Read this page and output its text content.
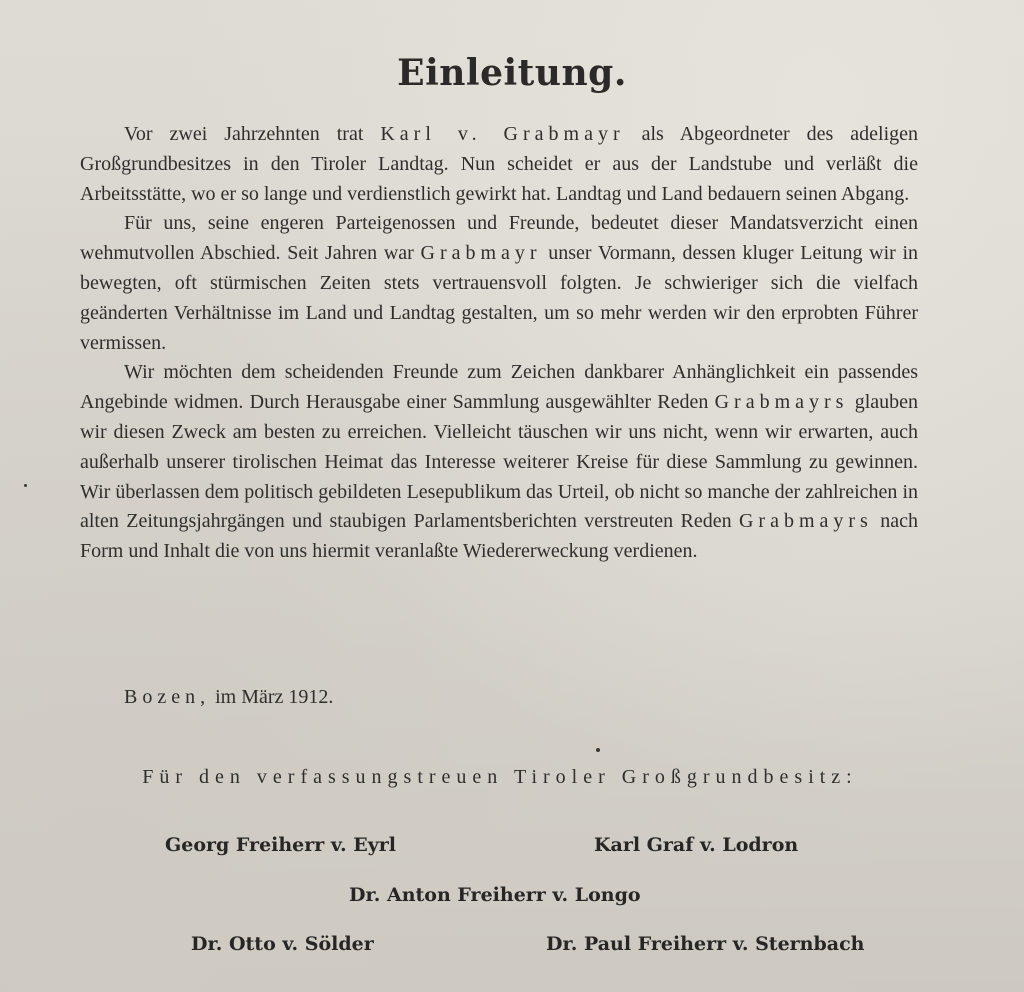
Einleitung.

Vor zwei Jahrzehnten trat Karl v. Grabmayr als Abgeordneter des adeligen Großgrundbesitzes in den Tiroler Landtag. Nun scheidet er aus der Landstube und verläßt die Arbeitsstätte, wo er so lange und verdienstlich gewirkt hat. Landtag und Land bedauern seinen Abgang.

Für uns, seine engeren Parteigenossen und Freunde, bedeutet dieser Mandatsverzicht einen wehmutvollen Abschied. Seit Jahren war Grabmayr unser Vormann, dessen kluger Leitung wir in bewegten, oft stürmischen Zeiten stets vertrauensvoll folgten. Je schwieriger sich die vielfach geänderten Verhältnisse im Land und Landtag gestalten, um so mehr werden wir den erprobten Führer vermissen.

Wir möchten dem scheidenden Freunde zum Zeichen dankbarer Anhänglichkeit ein passendes Angebinde widmen. Durch Herausgabe einer Sammlung ausgewählter Reden Grabmayrs glauben wir diesen Zweck am besten zu erreichen. Vielleicht täuschen wir uns nicht, wenn wir erwarten, auch außerhalb unserer tirolischen Heimat das Interesse weiterer Kreise für diese Sammlung zu gewinnen. Wir überlassen dem politisch gebildeten Lesepublikum das Urteil, ob nicht so manche der zahlreichen in alten Zeitungsjahrgängen und staubigen Parlamentsberichten verstreuten Reden Grabmayrs nach Form und Inhalt die von uns hiermit veranlaßte Wiedererweckung verdienen.

Bozen, im März 1912.
Für den verfassungstreuen Tiroler Großgrundbesitz:
Georg Freiherr v. Eyrl	Karl Graf v. Lodron
Dr. Anton Freiherr v. Longo
Dr. Otto v. Sölder	Dr. Paul Freiherr v. Sternbach
